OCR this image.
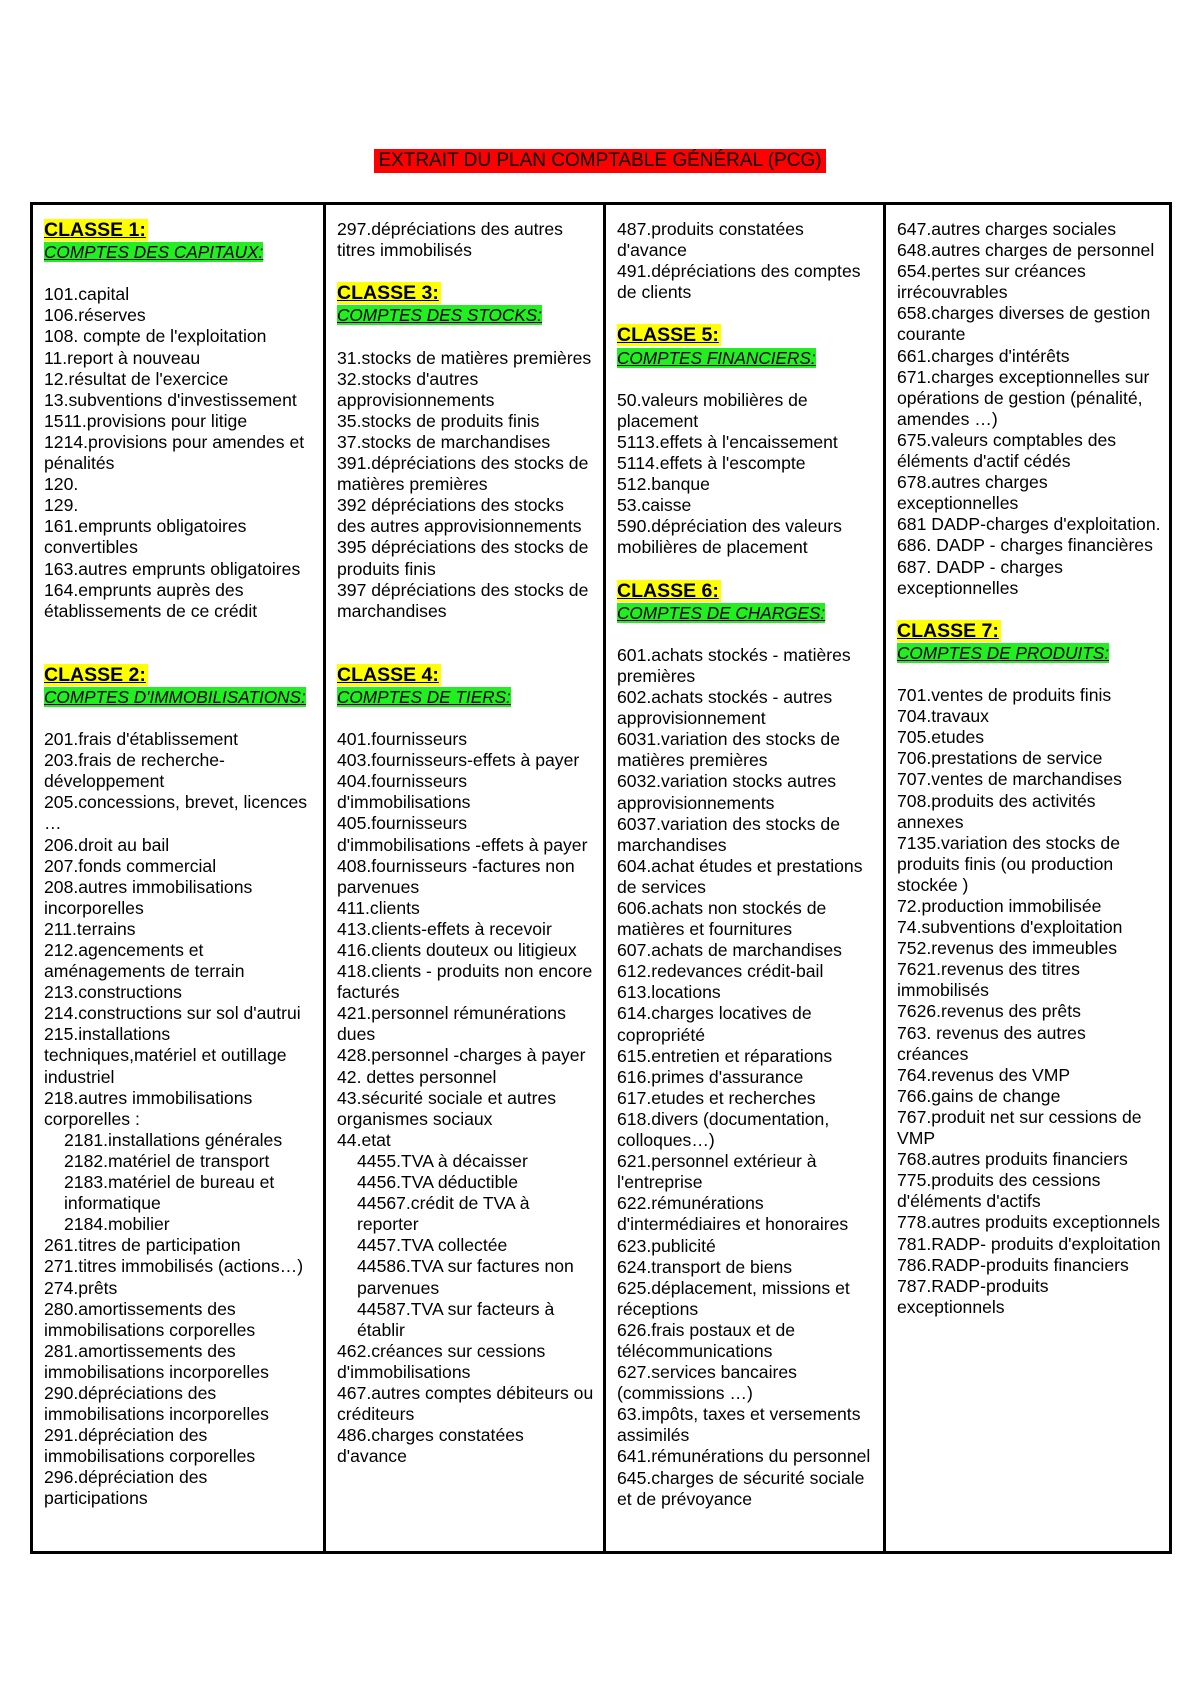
EXTRAIT DU PLAN COMPTABLE GÉNÉRAL (PCG)
CLASSE 1:
COMPTES DES CAPITAUX:
101.capital
106.réserves
108. compte de l'exploitation
11.report à nouveau
12.résultat de l'exercice
13.subventions d'investissement
1511.provisions pour litige
1214.provisions pour amendes et pénalités
120.
129.
161.emprunts obligatoires convertibles
163.autres emprunts obligatoires
164.emprunts auprès des établissements de ce crédit
CLASSE 2:
COMPTES D'IMMOBILISATIONS:
201.frais d'établissement
203.frais de recherche-développement
205.concessions, brevet, licences …
206.droit au bail
207.fonds commercial
208.autres immobilisations incorporelles
211.terrains
212.agencements et aménagements de terrain
213.constructions
214.constructions sur sol d'autrui
215.installations techniques,matériel et outillage industriel
218.autres immobilisations corporelles :
2181.installations générales
2182.matériel de transport
2183.matériel de bureau et informatique
2184.mobilier
261.titres de participation
271.titres immobilisés (actions…)
274.prêts
280.amortissements des immobilisations corporelles
281.amortissements des immobilisations incorporelles
290.dépréciations des immobilisations incorporelles
291.dépréciation des immobilisations corporelles
296.dépréciation des participations
297.dépréciations des autres titres immobilisés
CLASSE 3:
COMPTES DES STOCKS:
31.stocks de matières premières
32.stocks d'autres approvisionnements
35.stocks de produits finis
37.stocks de marchandises
391.dépréciations des stocks de matières premières
392 dépréciations des stocks des autres approvisionnements
395 dépréciations des stocks de produits finis
397 dépréciations des stocks de marchandises
CLASSE 4:
COMPTES DE TIERS:
401.fournisseurs
403.fournisseurs-effets à payer
404.fournisseurs d'immobilisations
405.fournisseurs d'immobilisations -effets à payer
408.fournisseurs -factures non parvenues
411.clients
413.clients-effets à recevoir
416.clients douteux ou litigieux
418.clients - produits non encore facturés
421.personnel rémunérations dues
428.personnel -charges à payer
42. dettes personnel
43.sécurité sociale et autres organismes sociaux
44.etat
4455.TVA à décaisser
4456.TVA déductible
44567.crédit de TVA à reporter
4457.TVA collectée
44586.TVA sur factures non parvenues
44587.TVA sur facteurs à établir
462.créances sur cessions d'immobilisations
467.autres comptes débiteurs ou créditeurs
486.charges constatées d'avance
487.produits constatées d'avance
491.dépréciations des comptes de clients
CLASSE 5:
COMPTES FINANCIERS:
50.valeurs mobilières de placement
5113.effets à l'encaissement
5114.effets à l'escompte
512.banque
53.caisse
590.dépréciation des valeurs mobilières de placement
CLASSE 6:
COMPTES DE CHARGES:
601.achats stockés - matières premières
602.achats stockés - autres approvisionnement
6031.variation des stocks de matières premières
6032.variation stocks autres approvisionnements
6037.variation des stocks de marchandises
604.achat études et prestations de services
606.achats non stockés de matières et fournitures
607.achats de marchandises
612.redevances crédit-bail
613.locations
614.charges locatives de copropriété
615.entretien et réparations
616.primes d'assurance
617.etudes et recherches
618.divers (documentation, colloques…)
621.personnel extérieur à l'entreprise
622.rémunérations d'intermédiaires et honoraires
623.publicité
624.transport de biens
625.déplacement, missions et réceptions
626.frais postaux et de télécommunications
627.services bancaires (commissions …)
63.impôts, taxes et versements assimilés
641.rémunérations du personnel
645.charges de sécurité sociale et de prévoyance
647.autres charges sociales
648.autres charges de personnel
654.pertes sur créances irrécouvrables
658.charges diverses de gestion courante
661.charges d'intérêts
671.charges exceptionnelles sur opérations de gestion (pénalité, amendes …)
675.valeurs comptables des éléments d'actif cédés
678.autres charges exceptionnelles
681 DADP-charges d'exploitation.
686. DADP - charges financières
687. DADP - charges exceptionnelles
CLASSE 7:
COMPTES DE PRODUITS:
701.ventes de produits finis
704.travaux
705.etudes
706.prestations de service
707.ventes de marchandises
708.produits des activités annexes
7135.variation des stocks de produits finis (ou production stockée )
72.production immobilisée
74.subventions d'exploitation
752.revenus des immeubles
7621.revenus des titres immobilisés
7626.revenus des prêts
763. revenus des autres créances
764.revenus des VMP
766.gains de change
767.produit net sur cessions de VMP
768.autres produits financiers
775.produits des cessions d'éléments d'actifs
778.autres produits exceptionnels
781.RADP- produits d'exploitation
786.RADP-produits financiers
787.RADP-produits exceptionnels
